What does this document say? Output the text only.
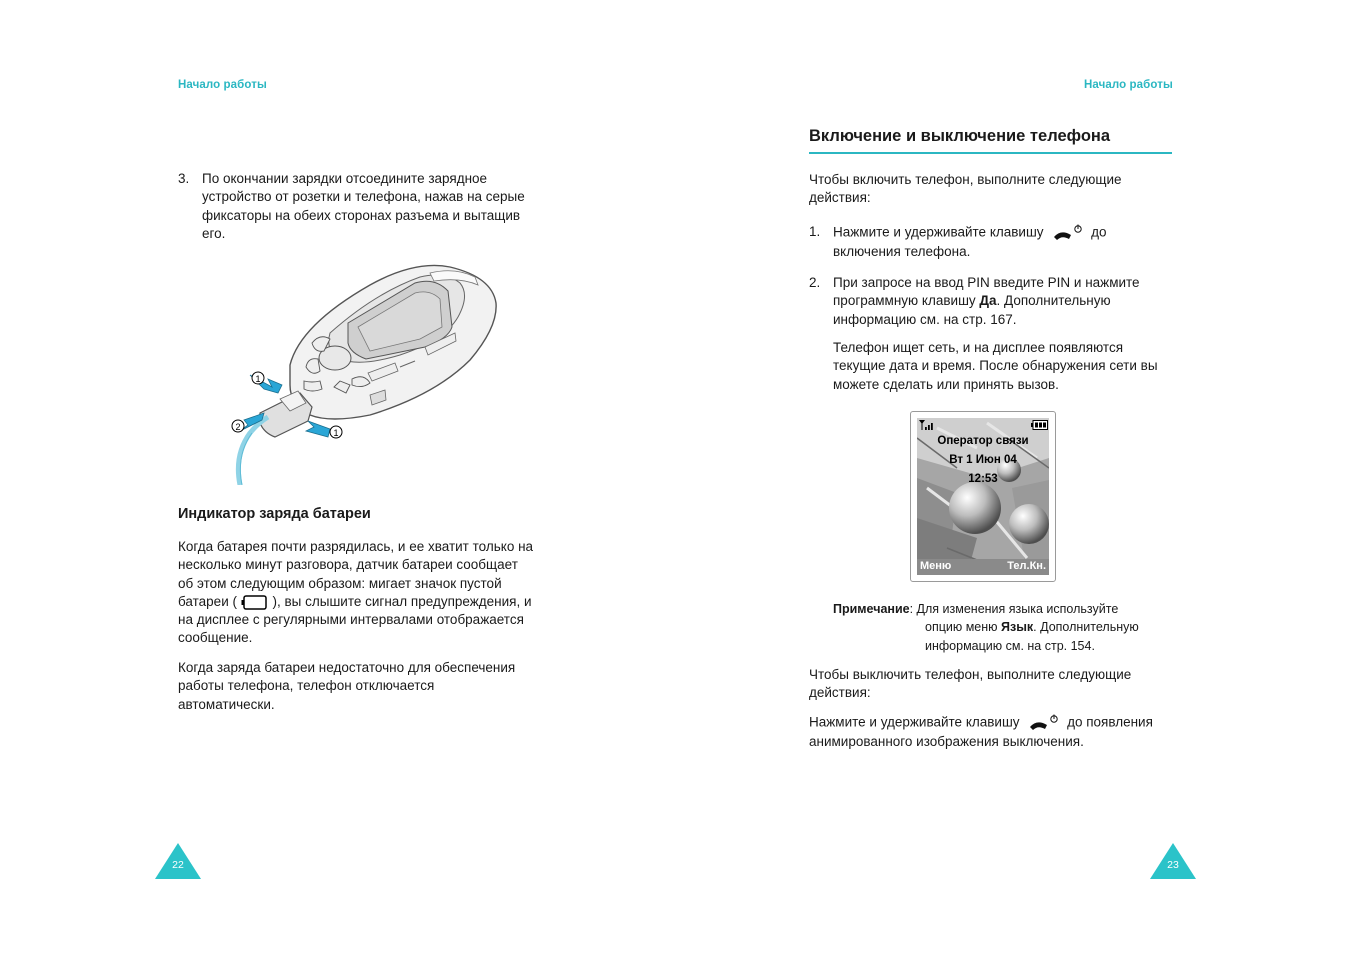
Начало работы
3. По окончании зарядки отсоедините зарядное
устройство от розетки и телефона, нажав на серые
фиксаторы на обеих сторонах разъема и вытащив
его.
1
2
1
Индикатор заряда батареи
Когда батарея почти разрядилась, и ее хватит только на
несколько минут разговора, датчик батареи сообщает
об этом следующим образом: мигает значок пустой
батареи (	), вы слышите сигнал предупреждения, и
на дисплее с регулярными интервалами отображается
сообщение.
Когда заряда батареи недостаточно для обеспечения
работы телефона, телефон отключается
автоматически.
22
Начало работы
Включение и выключение телефона
Чтобы включить телефон, выполните следующие
действия:
1. Нажмите и удерживайте клавишу	до
включения телефона.
2. При запросе на ввод PIN введите PIN и нажмите
программную клавишу Да. Дополнительную
информацию см. на стр. 167.
Телефон ищет сеть, и на дисплее появляются
текущие дата и время. После обнаружения сети вы
можете сделать или принять вызов.
Оператор связи
Вт 1 Июн 04
12:53
Меню	Тел.Кн.
Примечание: Для изменения языка используйте
опцию меню Язык. Дополнительную
информацию см. на стр. 154.
Чтобы выключить телефон, выполните следующие
действия:
Нажмите и удерживайте клавишу	до появления
анимированного изображения выключения.
23
